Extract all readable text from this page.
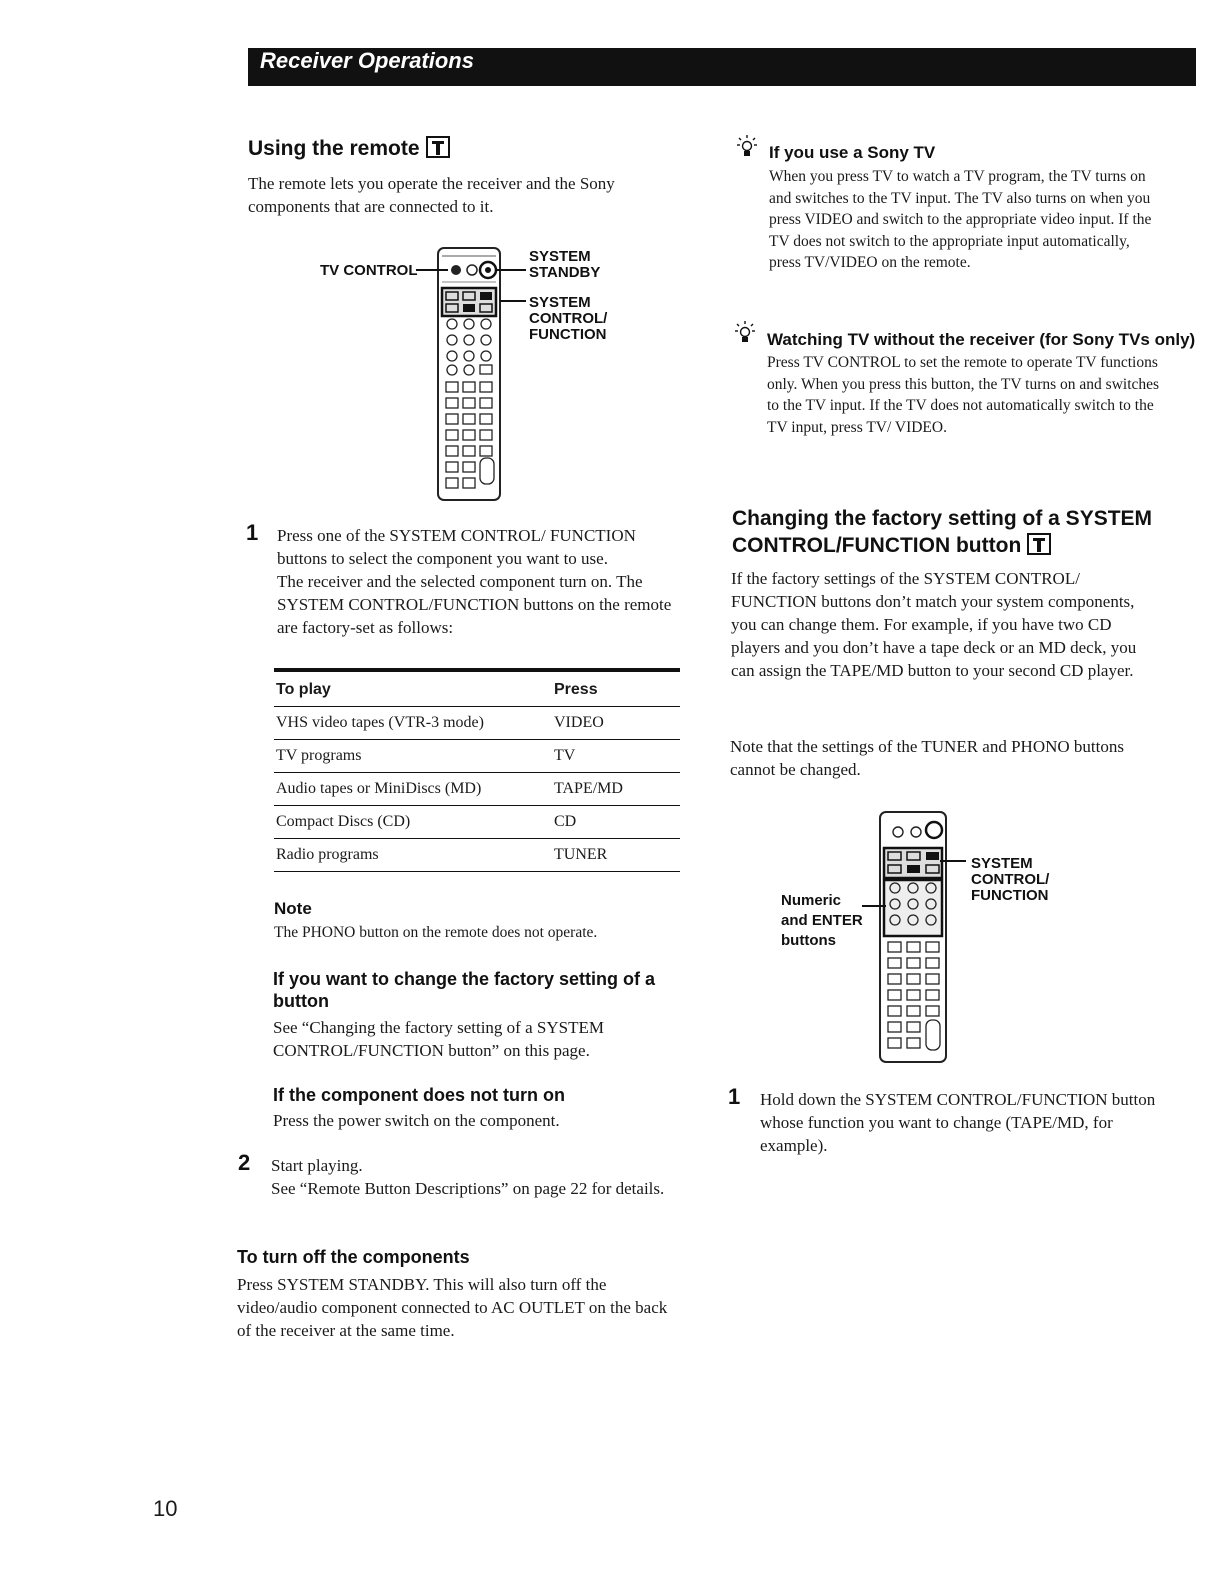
Receiver Operations
Using the remote
The remote lets you operate the receiver and the Sony components that are connected to it.
TV CONTROL
SYSTEM
STANDBY
SYSTEM
CONTROL/
FUNCTION
1 Press one of the SYSTEM CONTROL/ FUNCTION buttons to select the component you want to use.
The receiver and the selected component turn on. The SYSTEM CONTROL/FUNCTION buttons on the remote are factory-set as follows:
To play	Press
VHS video tapes (VTR-3 mode)	VIDEO
TV programs	TV
Audio tapes or MiniDiscs (MD)	TAPE/MD
Compact Discs (CD)	CD
Radio programs	TUNER
Note
The PHONO button on the remote does not operate.
If you want to change the factory setting of a button
See “Changing the factory setting of a SYSTEM CONTROL/FUNCTION button” on this page.
If the component does not turn on
Press the power switch on the component.
2 Start playing.
See “Remote Button Descriptions” on page 22 for details.
To turn off the components
Press SYSTEM STANDBY. This will also turn off the video/audio component connected to AC OUTLET on the back of the receiver at the same time.
10
If you use a Sony TV
When you press TV to watch a TV program, the TV turns on and switches to the TV input. The TV also turns on when you press VIDEO and switch to the appropriate video input. If the TV does not switch to the appropriate input automatically, press TV/VIDEO on the remote.
Watching TV without the receiver (for Sony TVs only)
Press TV CONTROL to set the remote to operate TV functions only. When you press this button, the TV turns on and switches to the TV input. If the TV does not automatically switch to the TV input, press TV/ VIDEO.
Changing the factory setting of a SYSTEM
CONTROL/FUNCTION button
If the factory settings of the SYSTEM CONTROL/ FUNCTION buttons don’t match your system components, you can change them. For example, if you have two CD players and you don’t have a tape deck or an MD deck, you can assign the TAPE/MD button to your second CD player.
Note that the settings of the TUNER and PHONO buttons cannot be changed.
Numeric
and ENTER
buttons
SYSTEM
CONTROL/
FUNCTION
1 Hold down the SYSTEM CONTROL/FUNCTION button whose function you want to change (TAPE/MD, for example).
